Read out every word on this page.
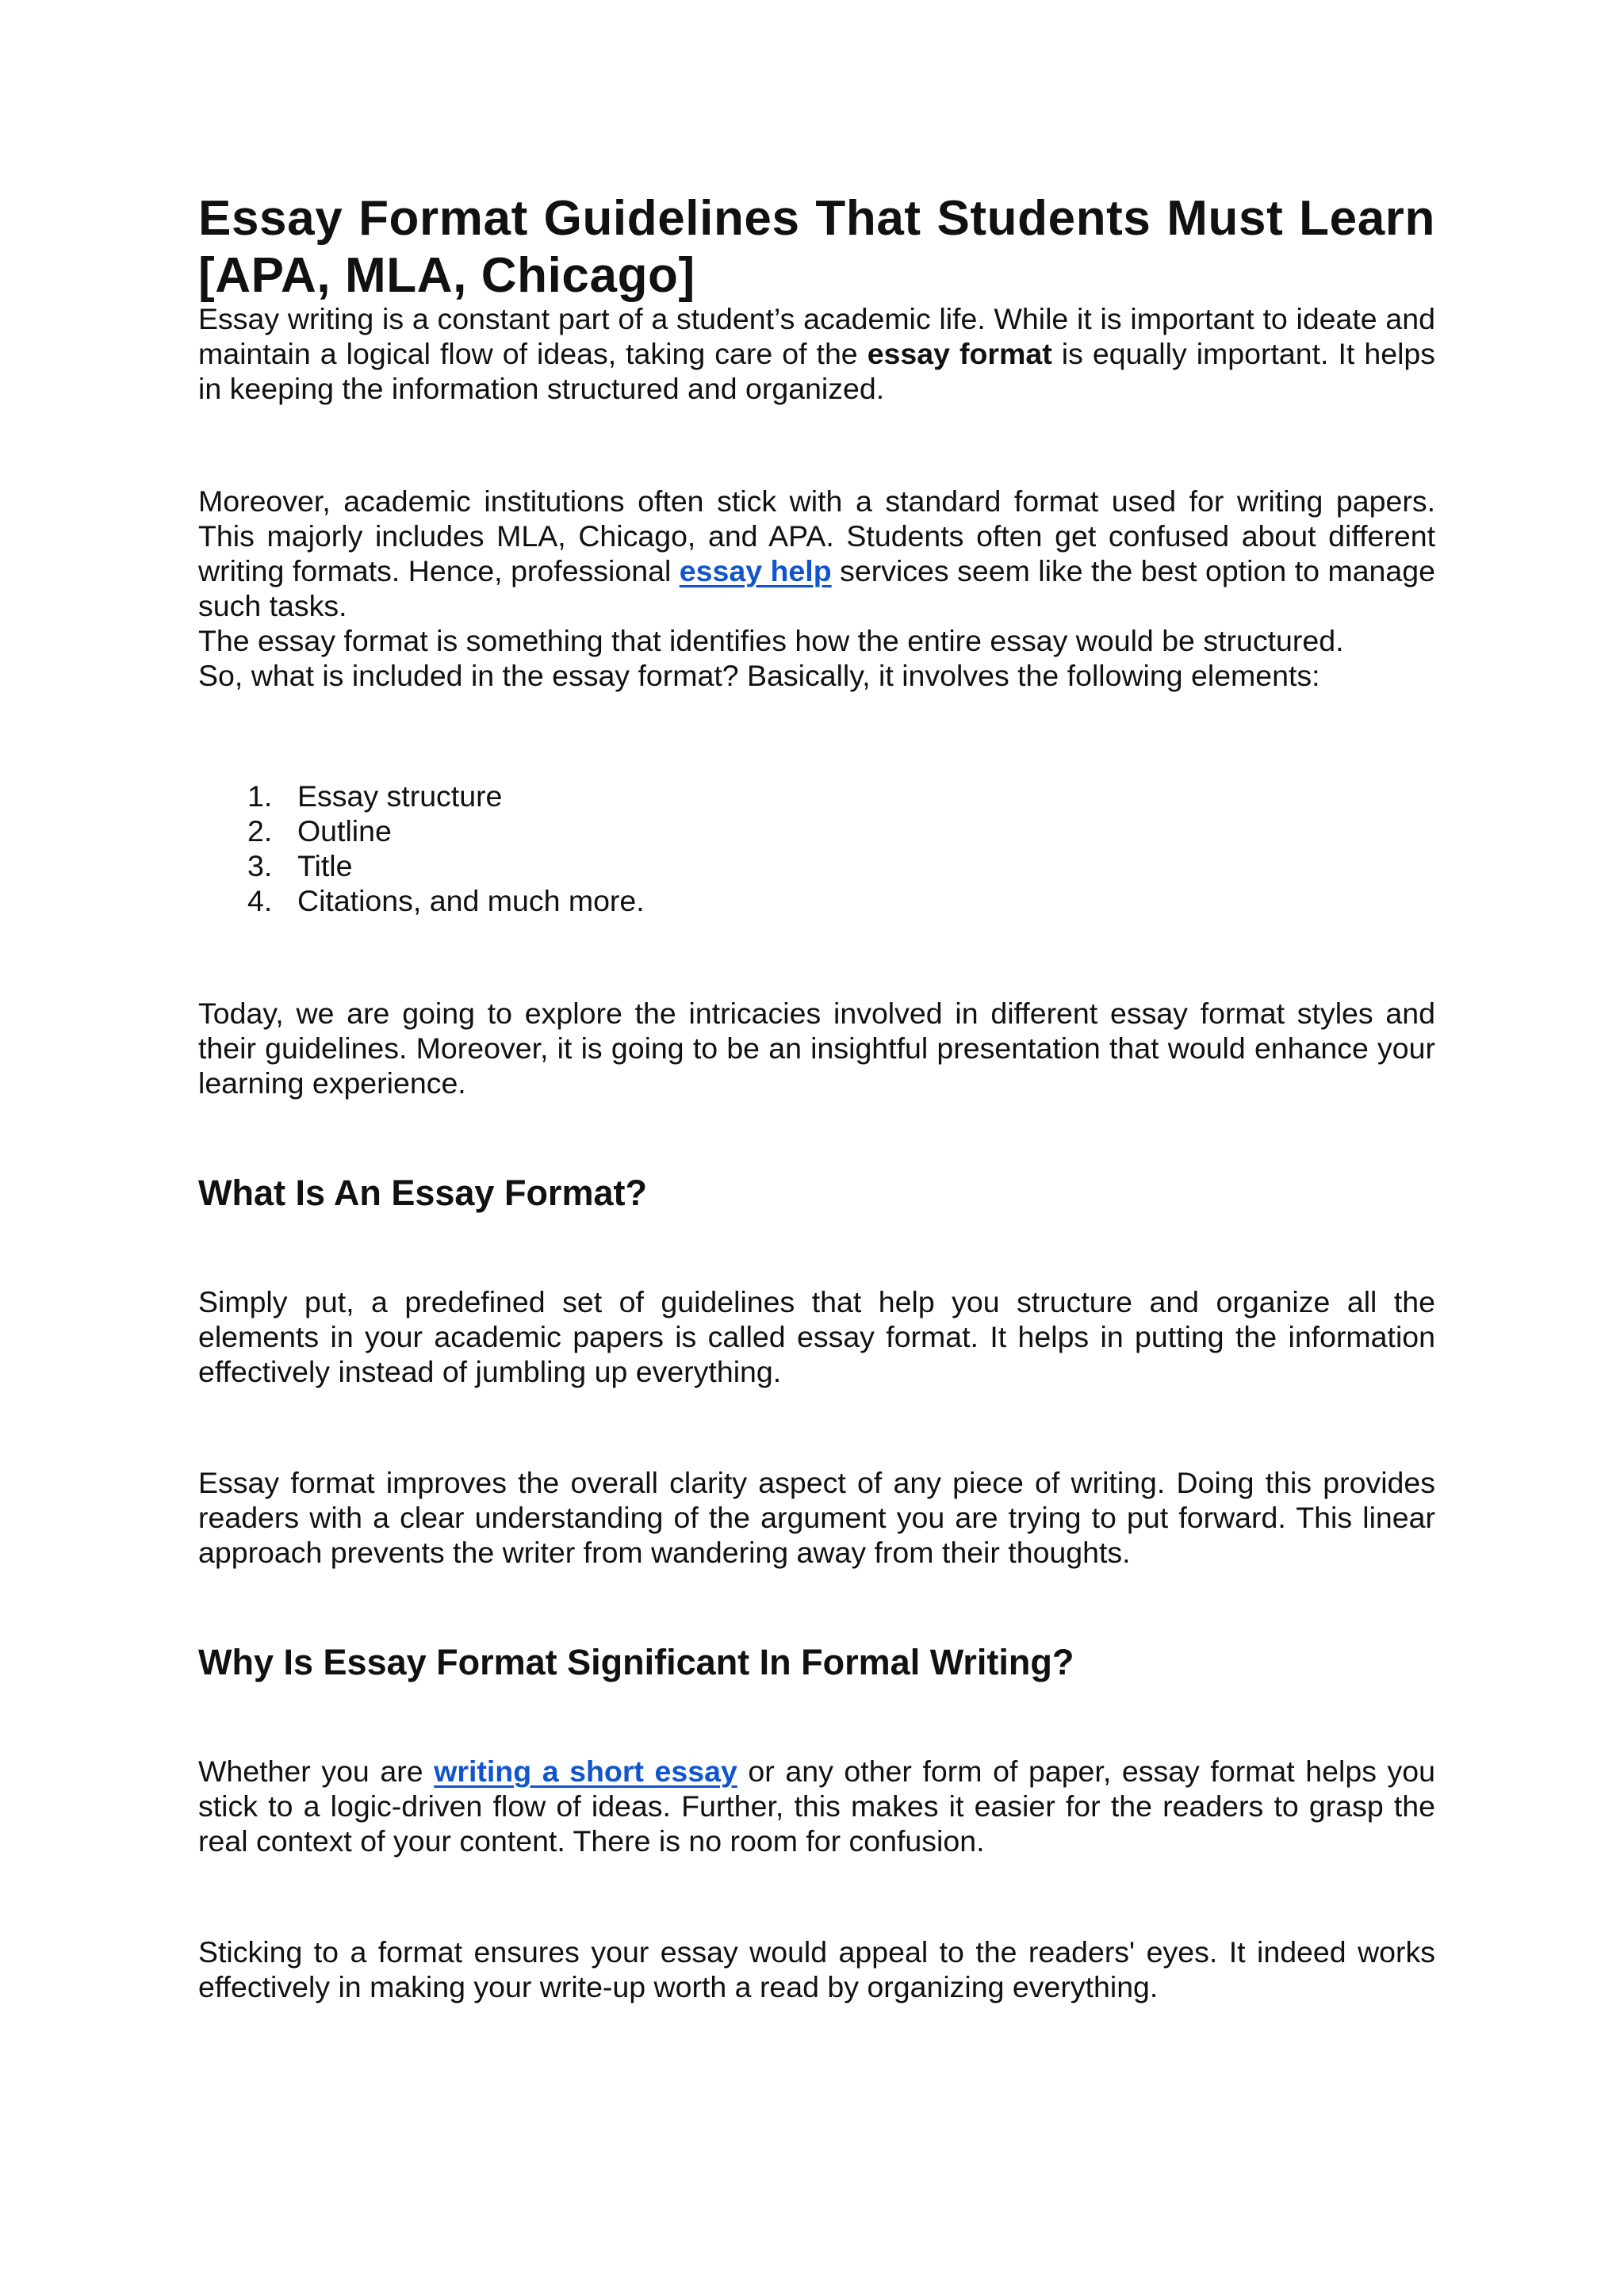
Essay Format Guidelines That Students Must Learn [APA, MLA, Chicago]

Essay writing is a constant part of a student’s academic life. While it is important to ideate and maintain a logical flow of ideas, taking care of the essay format is equally important. It helps in keeping the information structured and organized.

Moreover, academic institutions often stick with a standard format used for writing papers. This majorly includes MLA, Chicago, and APA. Students often get confused about different writing formats. Hence, professional essay help services seem like the best option to manage such tasks.

The essay format is something that identifies how the entire essay would be structured.

So, what is included in the essay format? Basically, it involves the following elements:

1. Essay structure
2. Outline
3. Title
4. Citations, and much more.

Today, we are going to explore the intricacies involved in different essay format styles and their guidelines. Moreover, it is going to be an insightful presentation that would enhance your learning experience.

What Is An Essay Format?

Simply put, a predefined set of guidelines that help you structure and organize all the elements in your academic papers is called essay format. It helps in putting the information effectively instead of jumbling up everything.

Essay format improves the overall clarity aspect of any piece of writing. Doing this provides readers with a clear understanding of the argument you are trying to put forward. This linear approach prevents the writer from wandering away from their thoughts.

Why Is Essay Format Significant In Formal Writing?

Whether you are writing a short essay or any other form of paper, essay format helps you stick to a logic-driven flow of ideas. Further, this makes it easier for the readers to grasp the real context of your content. There is no room for confusion.

Sticking to a format ensures your essay would appeal to the readers' eyes. It indeed works effectively in making your write-up worth a read by organizing everything.
